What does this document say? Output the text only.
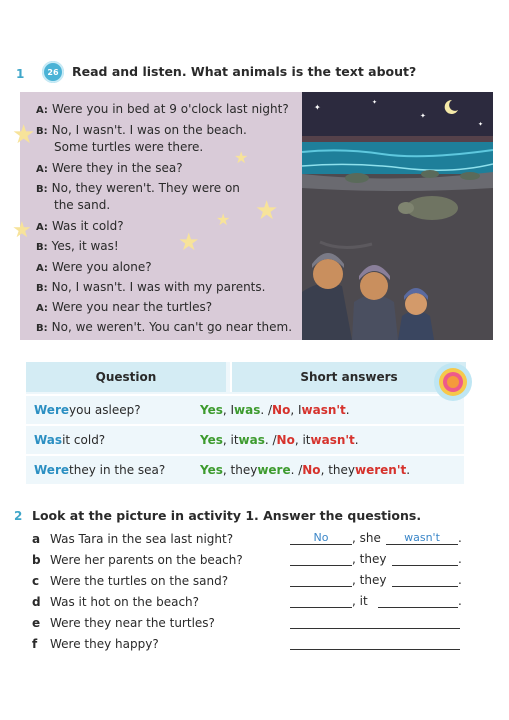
1	26 Read and listen. What animals is the text about?
A: Were you in bed at 9 o'clock last night?
B: No, I wasn't. I was on the beach.
Some turtles were there.
A: Were they in the sea?
B: No, they weren't. They were on
the sand.
A: Was it cold?
B: Yes, it was!
A: Were you alone?
B: No, I wasn't. I was with my parents.
A: Were you near the turtles?
B: No, we weren't. You can't go near them.
★
★
★
★
★
★
✦
✦
✦
✦
Question	Short answers
Were you asleep?	Yes , I was . / No , I wasn't .
Was it cold?	Yes , it was . / No , it wasn't .
Were they in the sea?	Yes , they were . / No , they weren't .
2 Look at the picture in activity 1. Answer the questions.
a Was Tara in the sea last night?	No	, she	wasn't	.
b Were her parents on the beach?	, they	.
c Were the turtles on the sand?	, they	.
d Was it hot on the beach?	, it	.
e Were they near the turtles?
f Were they happy?
